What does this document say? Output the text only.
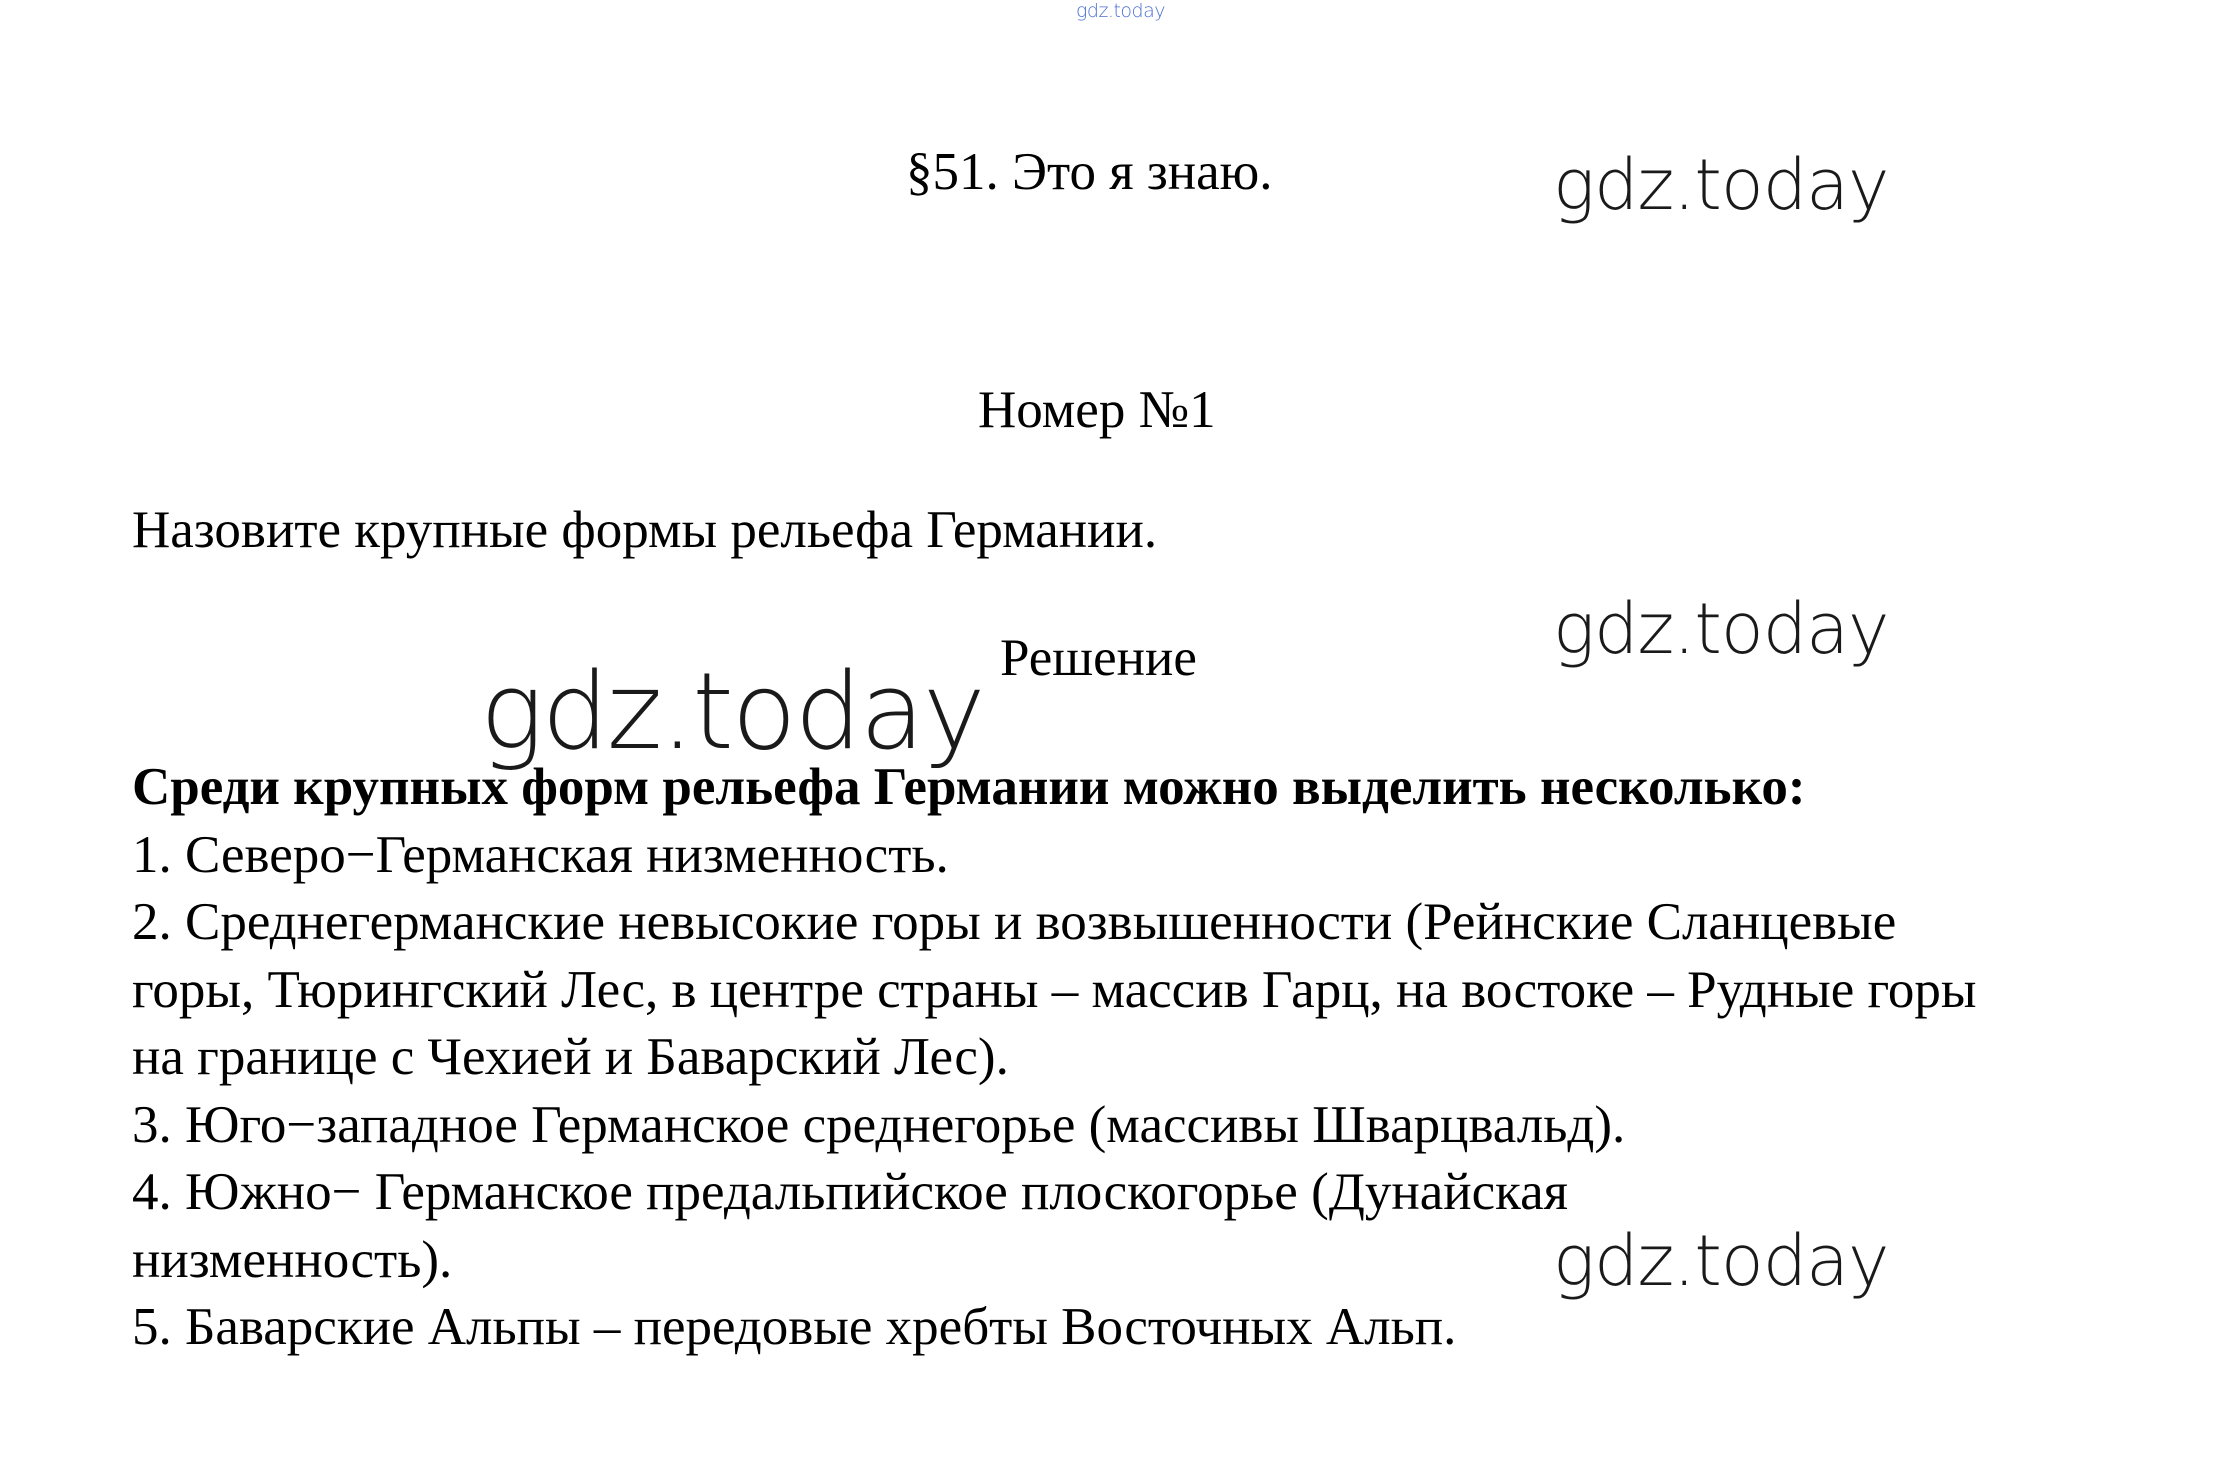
gdz.today
§51. Это я знаю.	gdz.today
Номер №1
Назовите крупные формы рельефа Германии.
gdz.today
Решение
gdz.today
Среди крупных форм рельефа Германии можно выделить несколько:
1. Северо−Германская низменность.
2. Среднегерманские невысокие горы и возвышенности (Рейнские Сланцевые горы, Тюрингский Лес, в центре страны – массив Гарц, на востоке – Рудные горы на границе с Чехией и Баварский Лес).
3. Юго−западное Германское среднегорье (массивы Шварцвальд).
4. Южно− Германское предальпийское плоскогорье (Дунайская низменность).
5. Баварские Альпы – передовые хребты Восточных Альп.
gdz.today
